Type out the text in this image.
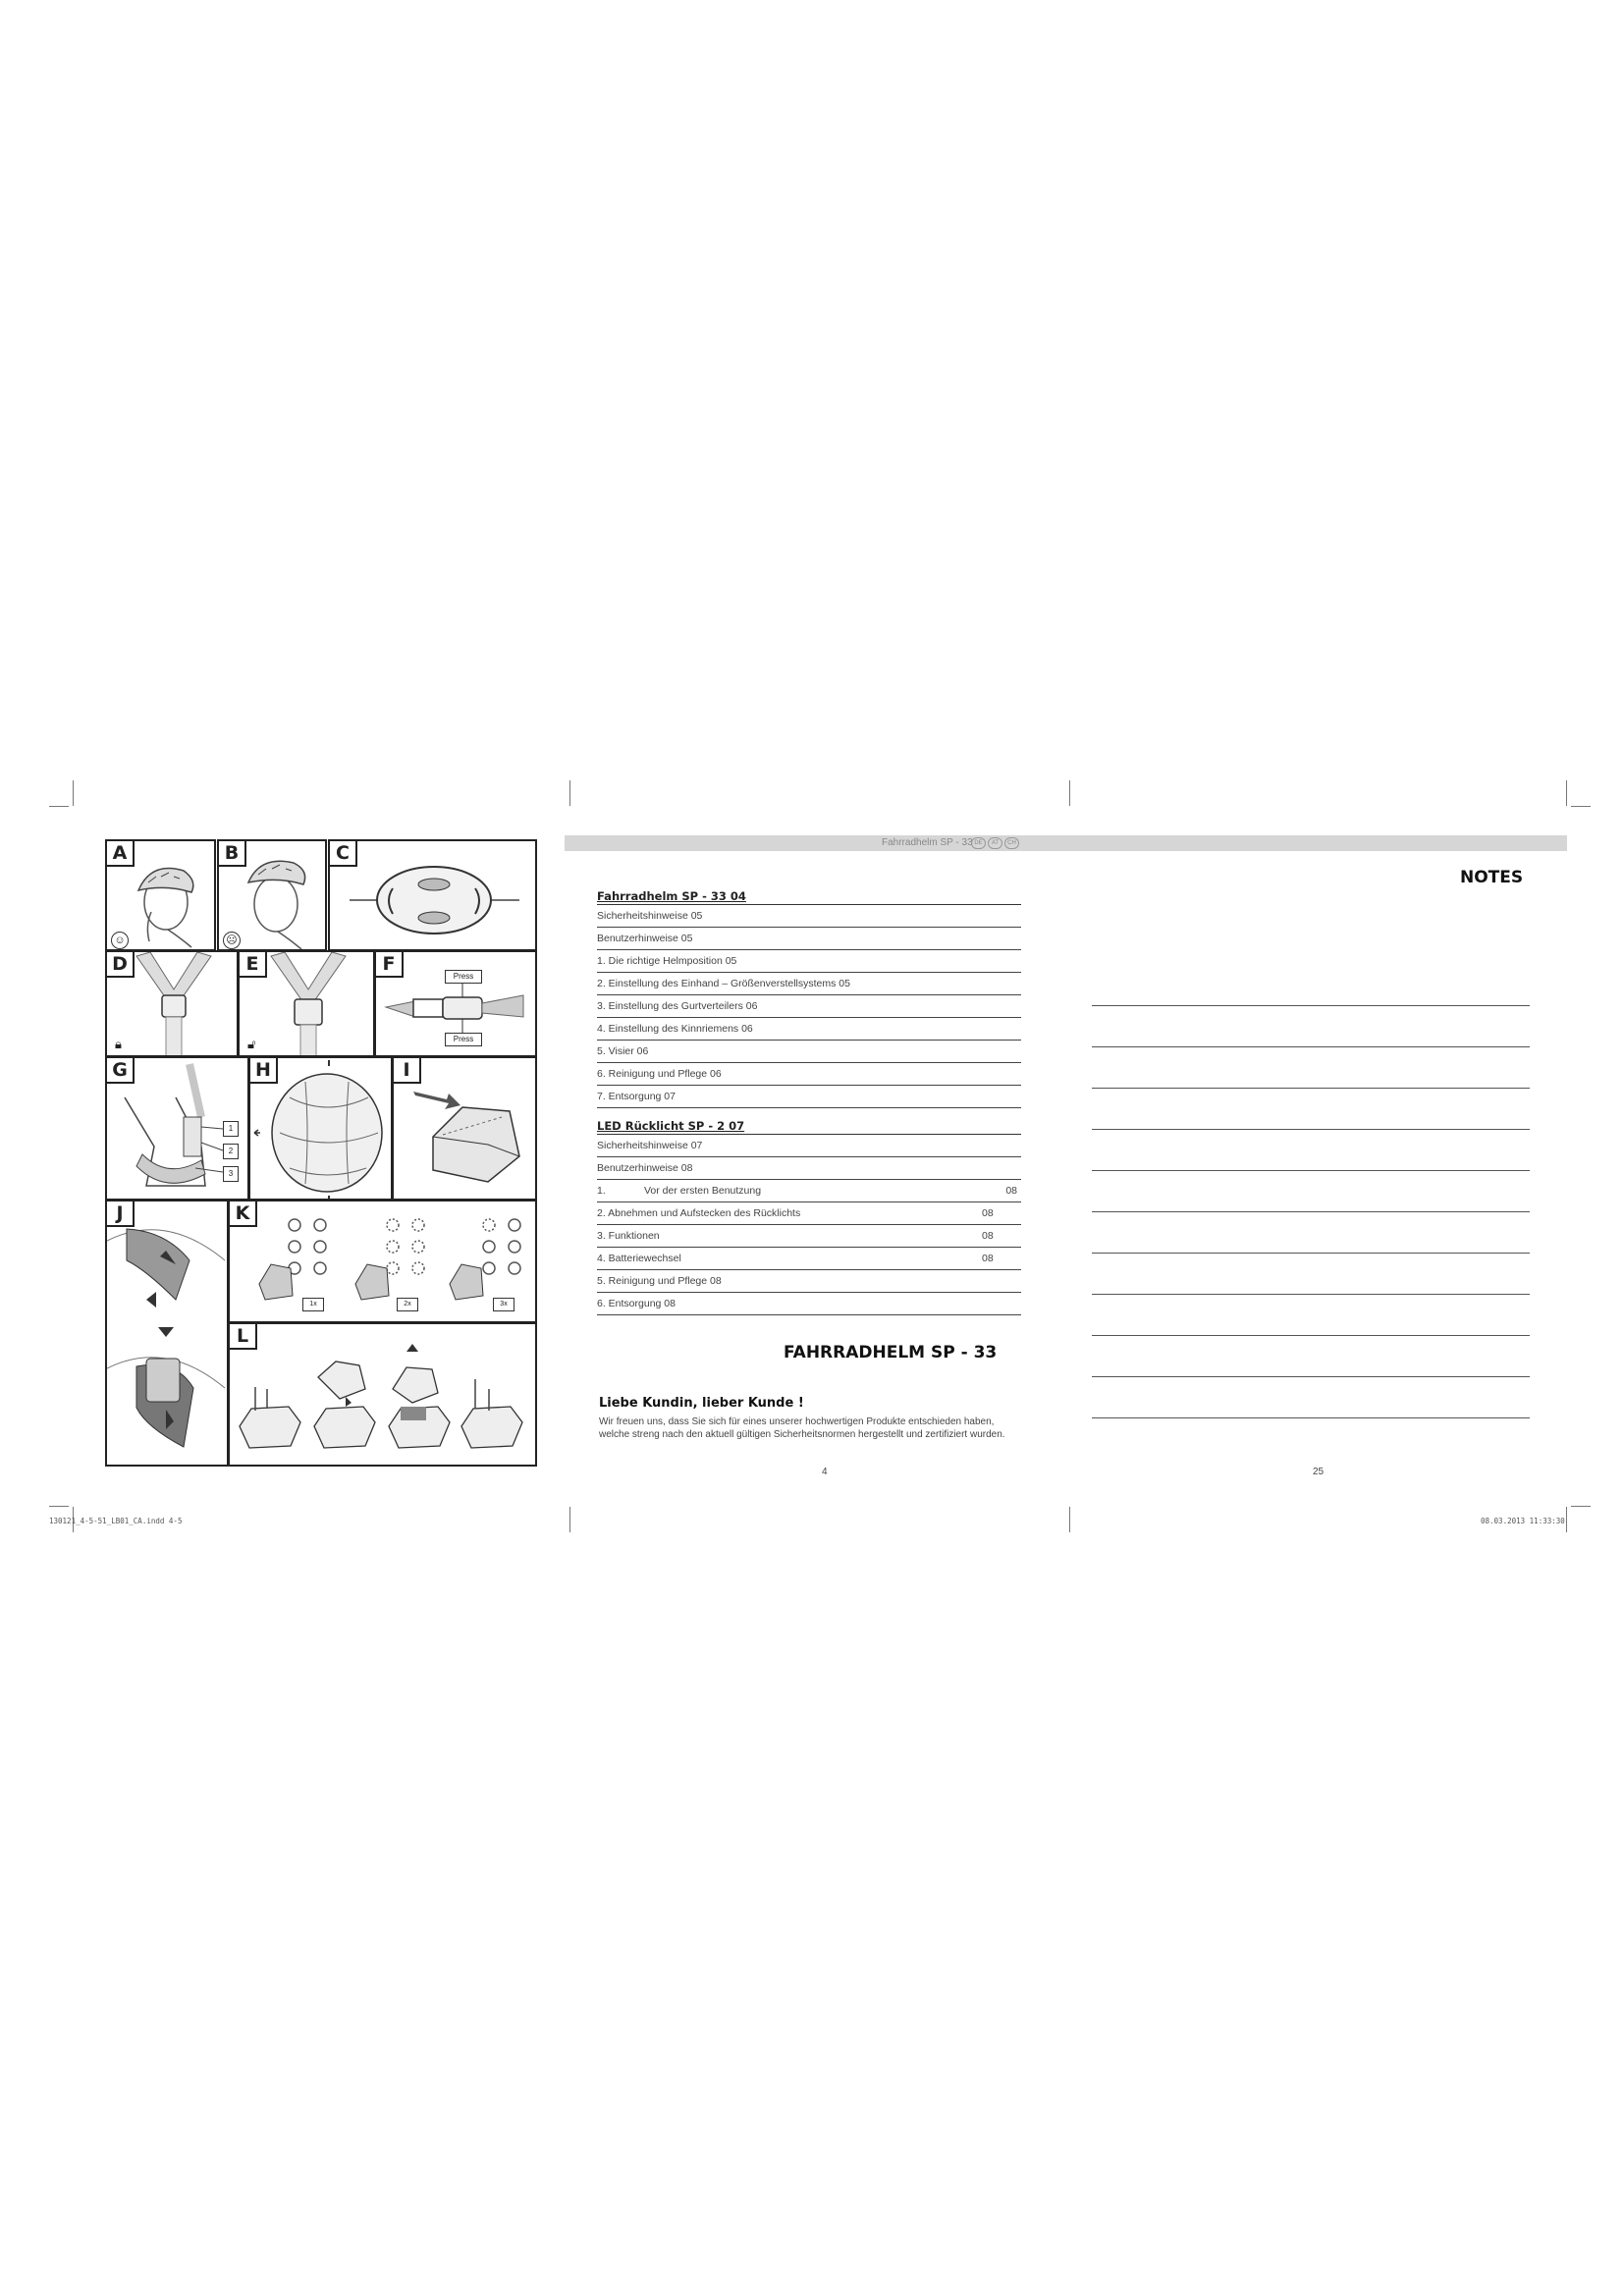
A
☺
B
☹
C
D
🔒︎
E
🔓︎
F
Press
Press
G
1
2
3
H	I
J	K
1x	2x	3x
L
Fahrradhelm SP - 33 DE	AT	CH
Fahrradhelm SP - 33 04
Sicherheitshinweise 05
Benutzerhinweise 05
1. Die richtige Helmposition 05
2. Einstellung des Einhand – Größenverstellsystems 05
3. Einstellung des Gurtverteilers 06
4. Einstellung des Kinnriemens 06
5. Visier 06
6. Reinigung und Pflege 06
7. Entsorgung 07
LED Rücklicht SP - 2 07
Sicherheitshinweise 07
Benutzerhinweise 08
1.	Vor der ersten Benutzung	08
2. Abnehmen und Aufstecken des Rücklichts	08
3. Funktionen	08
4. Batteriewechsel	08
5. Reinigung und Pflege 08
6. Entsorgung 08
FAHRRADHELM SP - 33
Liebe Kundin, lieber Kunde !
Wir freuen uns, dass Sie sich für eines unserer hochwertigen Produkte entschieden haben,
welche streng nach den aktuell gültigen Sicherheitsnormen hergestellt und zertifiziert wurden.
4
NOTES
25
130121_4-5-51_LB01_CA.indd 4-5	08.03.2013 11:33:30
